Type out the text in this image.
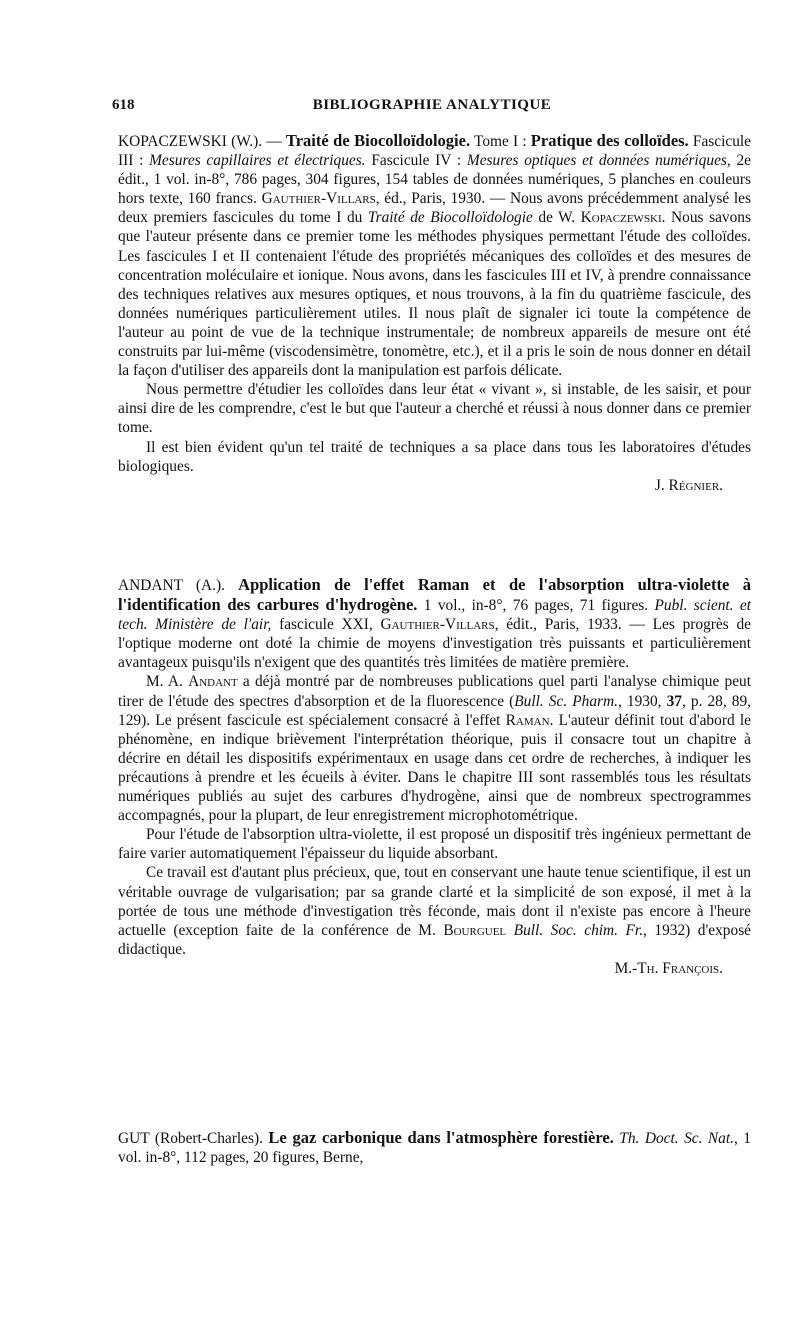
618	BIBLIOGRAPHIE ANALYTIQUE

KOPACZEWSKI (W.). — Traité de Biocolloïdologie. Tome I : Pratique des colloïdes. Fascicule III : Mesures capillaires et électriques. Fascicule IV : Mesures optiques et données numériques, 2e édit., 1 vol. in-8°, 786 pages, 304 figures, 154 tables de données numériques, 5 planches en couleurs hors texte, 160 francs. Gauthier-Villars, éd., Paris, 1930. — Nous avons précédemment analysé les deux premiers fascicules du tome I du Traité de Biocolloïdologie de W. Kopaczewski. Nous savons que l'auteur présente dans ce premier tome les méthodes physiques permettant l'étude des colloïdes. Les fascicules I et II contenaient l'étude des propriétés mécaniques des colloïdes et des mesures de concentration moléculaire et ionique. Nous avons, dans les fascicules III et IV, à prendre connaissance des techniques relatives aux mesures optiques, et nous trouvons, à la fin du quatrième fascicule, des données numériques particulièrement utiles. Il nous plaît de signaler ici toute la compétence de l'auteur au point de vue de la technique instrumentale; de nombreux appareils de mesure ont été construits par lui-même (viscodensimètre, tonomètre, etc.), et il a pris le soin de nous donner en détail la façon d'utiliser des appareils dont la manipulation est parfois délicate.

Nous permettre d'étudier les colloïdes dans leur état « vivant », si instable, de les saisir, et pour ainsi dire de les comprendre, c'est le but que l'auteur a cherché et réussi à nous donner dans ce premier tome.

Il est bien évident qu'un tel traité de techniques a sa place dans tous les laboratoires d'études biologiques.

J. Régnier.

ANDANT (A.). Application de l'effet Raman et de l'absorption ultra-violette à l'identification des carbures d'hydrogène. 1 vol., in-8°, 76 pages, 71 figures. Publ. scient. et tech. Ministère de l'air, fascicule XXI, Gauthier-Villars, édit., Paris, 1933. — Les progrès de l'optique moderne ont doté la chimie de moyens d'investigation très puissants et particulièrement avantageux puisqu'ils n'exigent que des quantités très limitées de matière première.

M. A. Andant a déjà montré par de nombreuses publications quel parti l'analyse chimique peut tirer de l'étude des spectres d'absorption et de la fluorescence (Bull. Sc. Pharm., 1930, 37, p. 28, 89, 129). Le présent fascicule est spécialement consacré à l'effet Raman. L'auteur définit tout d'abord le phénomène, en indique brièvement l'interprétation théorique, puis il consacre tout un chapitre à décrire en détail les dispositifs expérimentaux en usage dans cet ordre de recherches, à indiquer les précautions à prendre et les écueils à éviter. Dans le chapitre III sont rassemblés tous les résultats numériques publiés au sujet des carbures d'hydrogène, ainsi que de nombreux spectrogrammes accompagnés, pour la plupart, de leur enregistrement microphotométrique.

Pour l'étude de l'absorption ultra-violette, il est proposé un dispositif très ingénieux permettant de faire varier automatiquement l'épaisseur du liquide absorbant.

Ce travail est d'autant plus précieux, que, tout en conservant une haute tenue scientifique, il est un véritable ouvrage de vulgarisation; par sa grande clarté et la simplicité de son exposé, il met à la portée de tous une méthode d'investigation très féconde, mais dont il n'existe pas encore à l'heure actuelle (exception faite de la conférence de M. Bourguel Bull. Soc. chim. Fr., 1932) d'exposé didactique.

M.-Th. François.

GUT (Robert-Charles). Le gaz carbonique dans l'atmosphère forestière. Th. Doct. Sc. Nat., 1 vol. in-8°, 112 pages, 20 figures, Berne,
